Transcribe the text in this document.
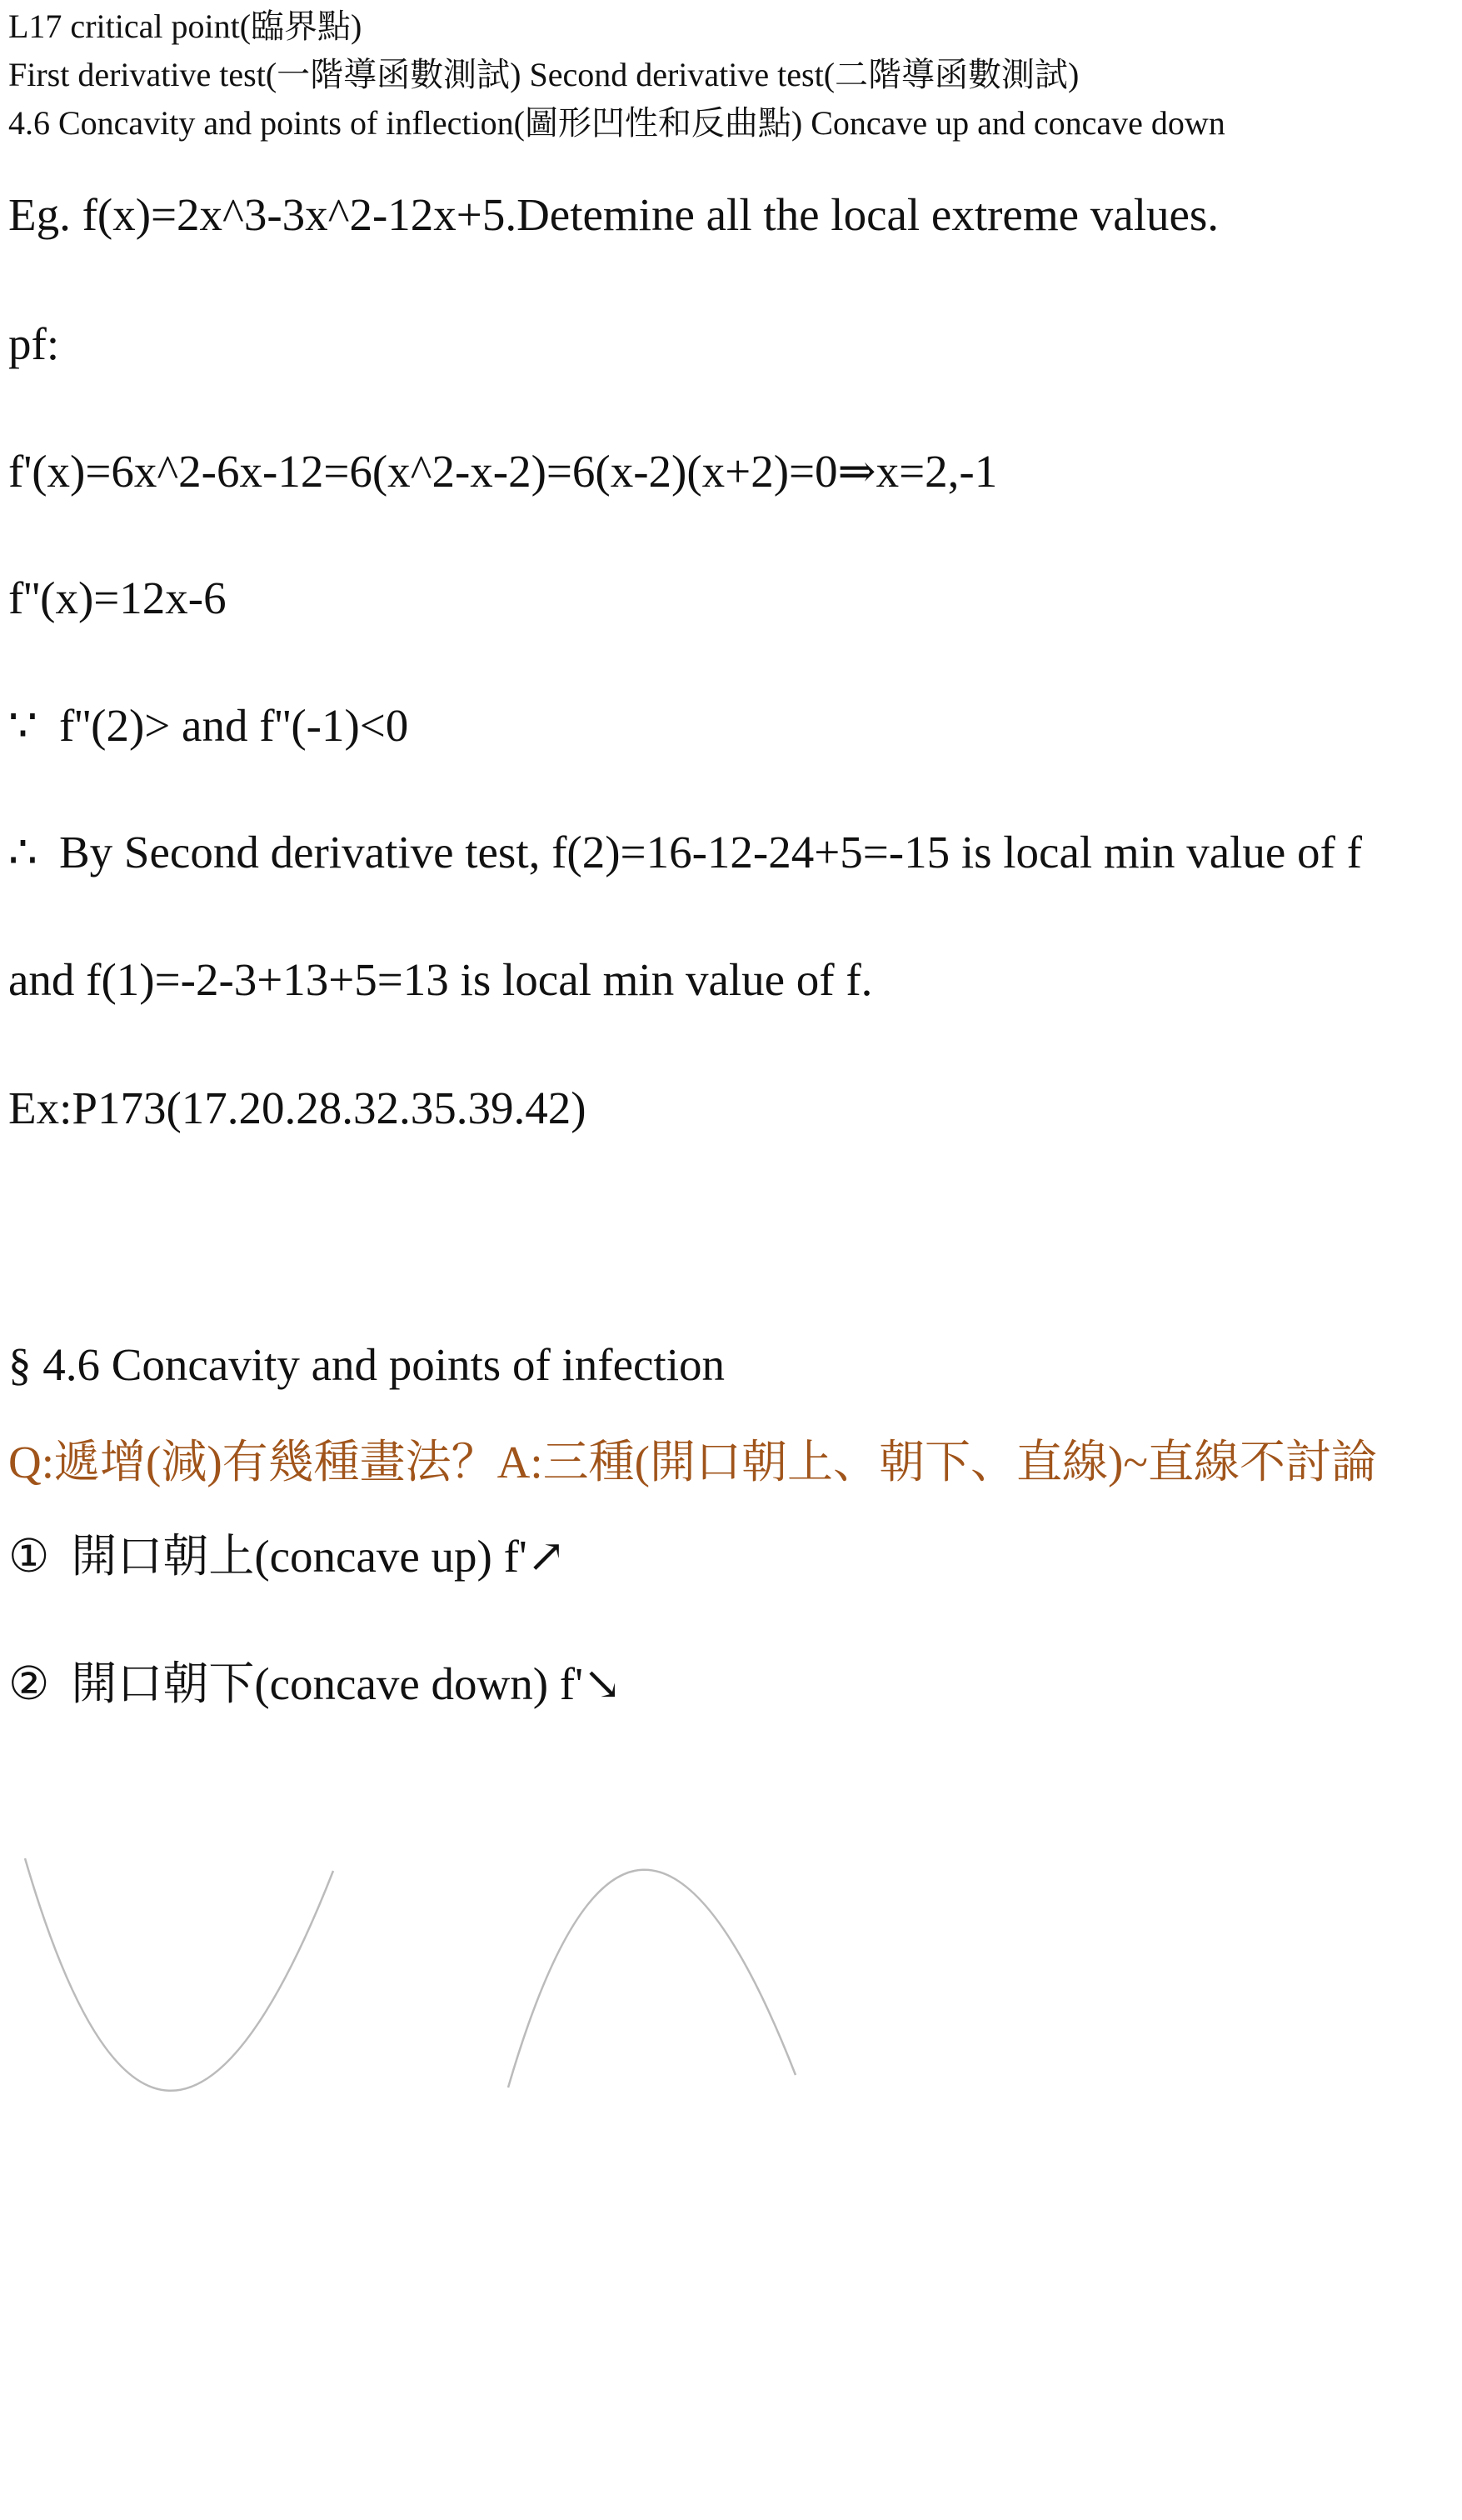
L17 critical point(臨界點)
First derivative test(一階導函數測試) Second derivative test(二階導函數測試)
4.6 Concavity and points of inflection(圖形凹性和反曲點) Concave up and concave down
Eg. f(x)=2x^3-3x^2-12x+5.Detemine all the local extreme values.
pf:
f'(x)=6x^2-6x-12=6(x^2-x-2)=6(x-2)(x+2)=0⇒x=2,-1
f''(x)=12x-6
∵ f''(2)> and f''(-1)<0
∴ By Second derivative test, f(2)=16-12-24+5=-15 is local min value of f
and f(1)=-2-3+13+5=13 is local min value of f.
Ex:P173(17.20.28.32.35.39.42)
§ 4.6 Concavity and points of infection
Q:遞增(減)有幾種畫法？A:三種(開口朝上、朝下、直線)~直線不討論
① 開口朝上(concave up) f'↗
② 開口朝下(concave down) f'↘
